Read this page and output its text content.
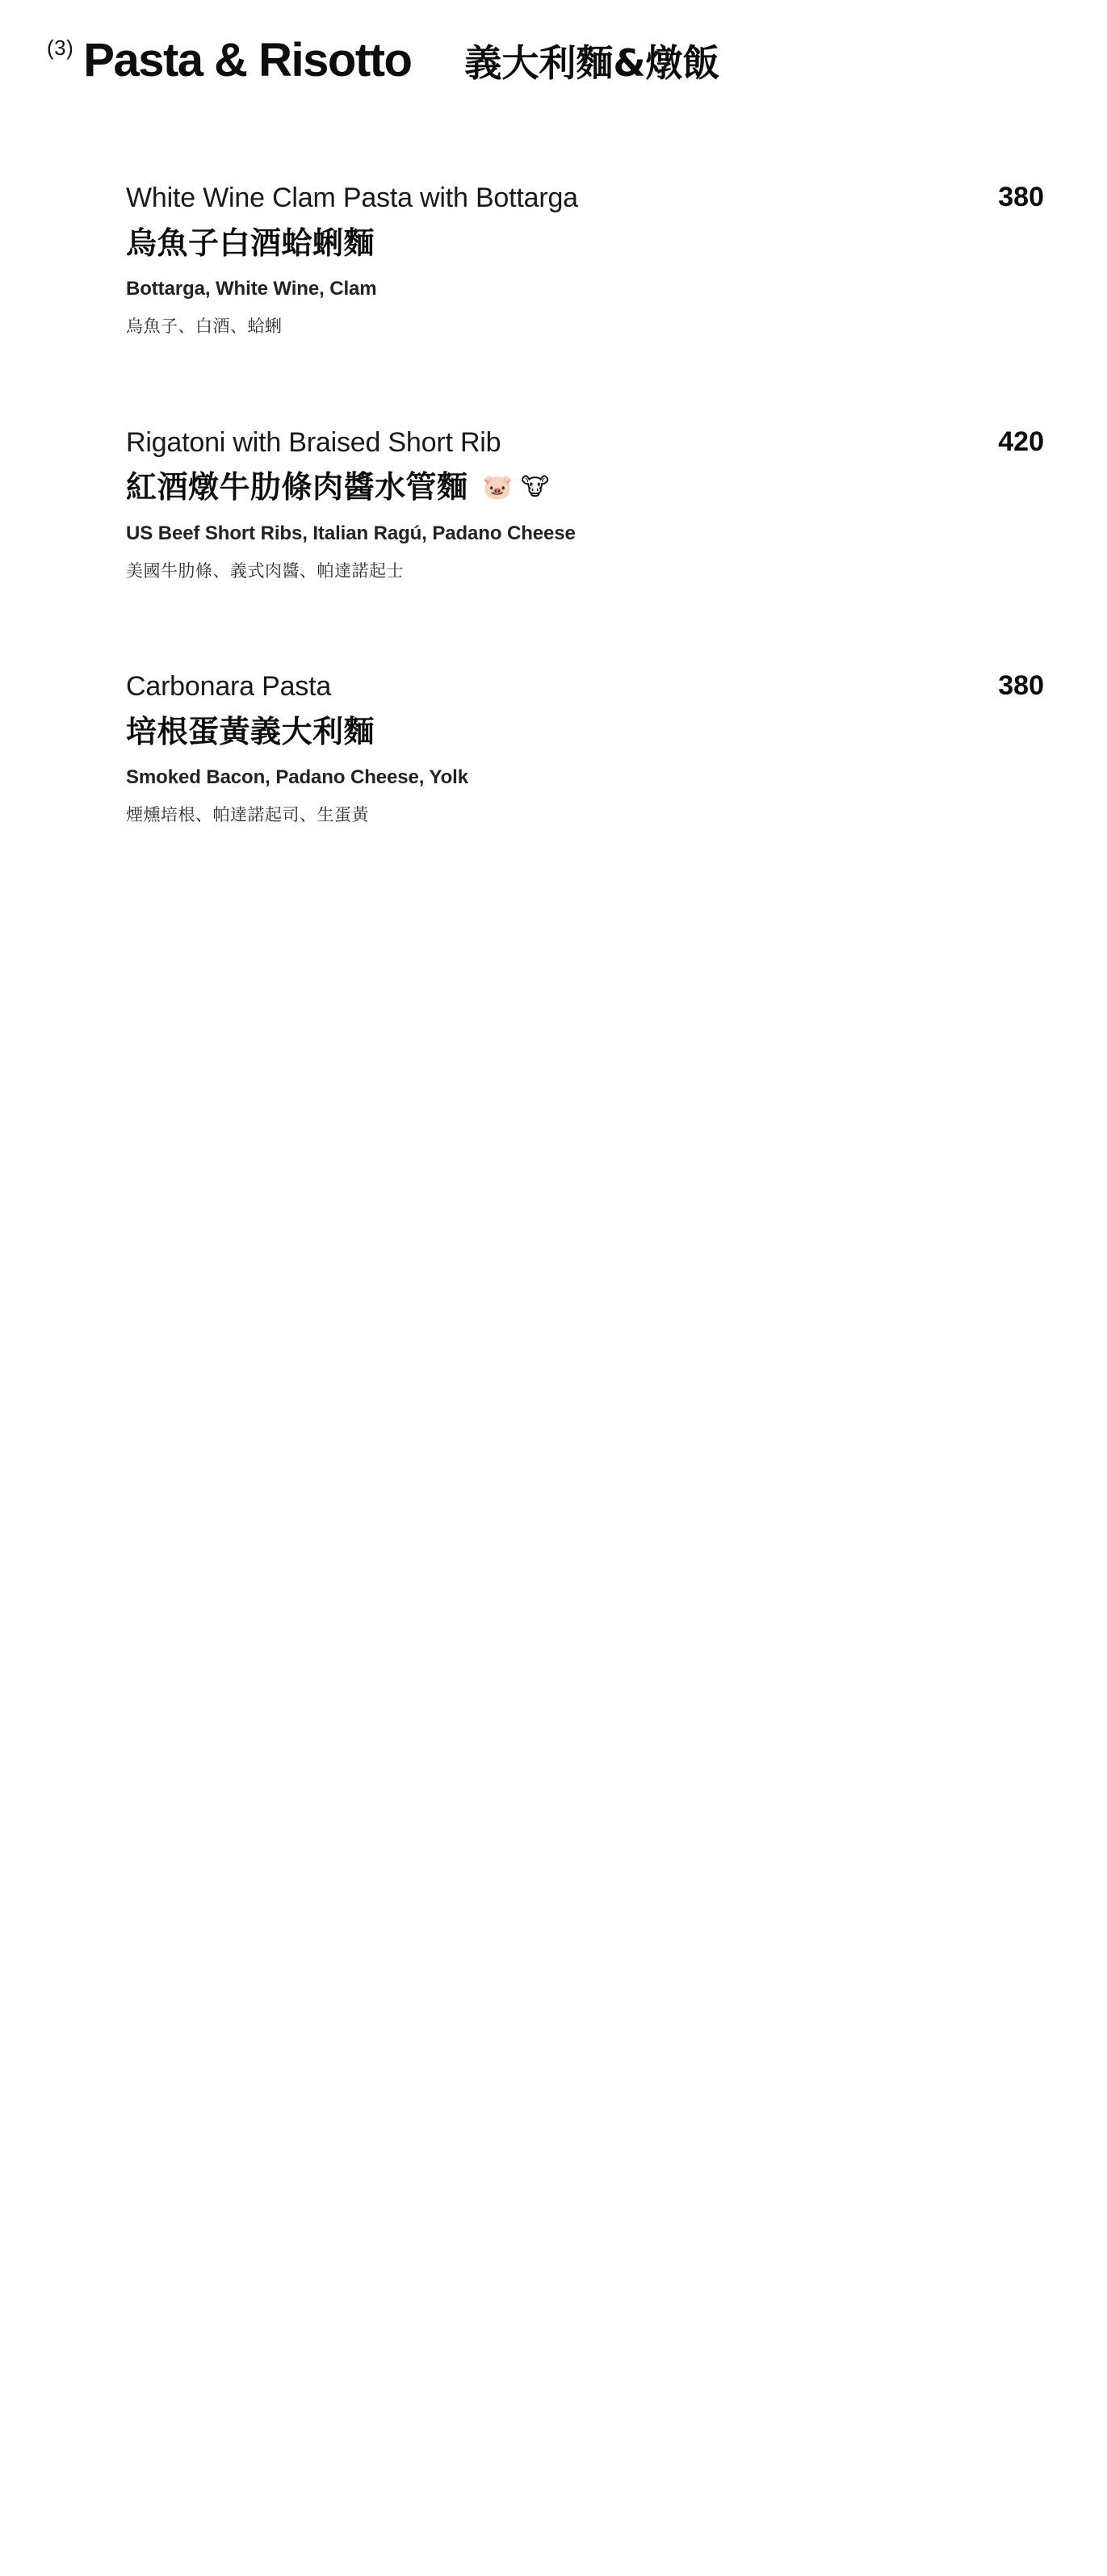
(3) Pasta & Risotto 義大利麵&燉飯
White Wine Clam Pasta with Bottarga	380
烏魚子白酒蛤蜊麵
Bottarga, White Wine, Clam
烏魚子、白酒、蛤蜊
Rigatoni with Braised Short Rib	420
紅酒燉牛肋條肉醬水管麵 🐷 🐮
US Beef Short Ribs, Italian Ragú, Padano Cheese
美國牛肋條、義式肉醬、帕達諾起士
Carbonara Pasta	380
培根蛋黃義大利麵
Smoked Bacon, Padano Cheese, Yolk
煙燻培根、帕達諾起司、生蛋黃
